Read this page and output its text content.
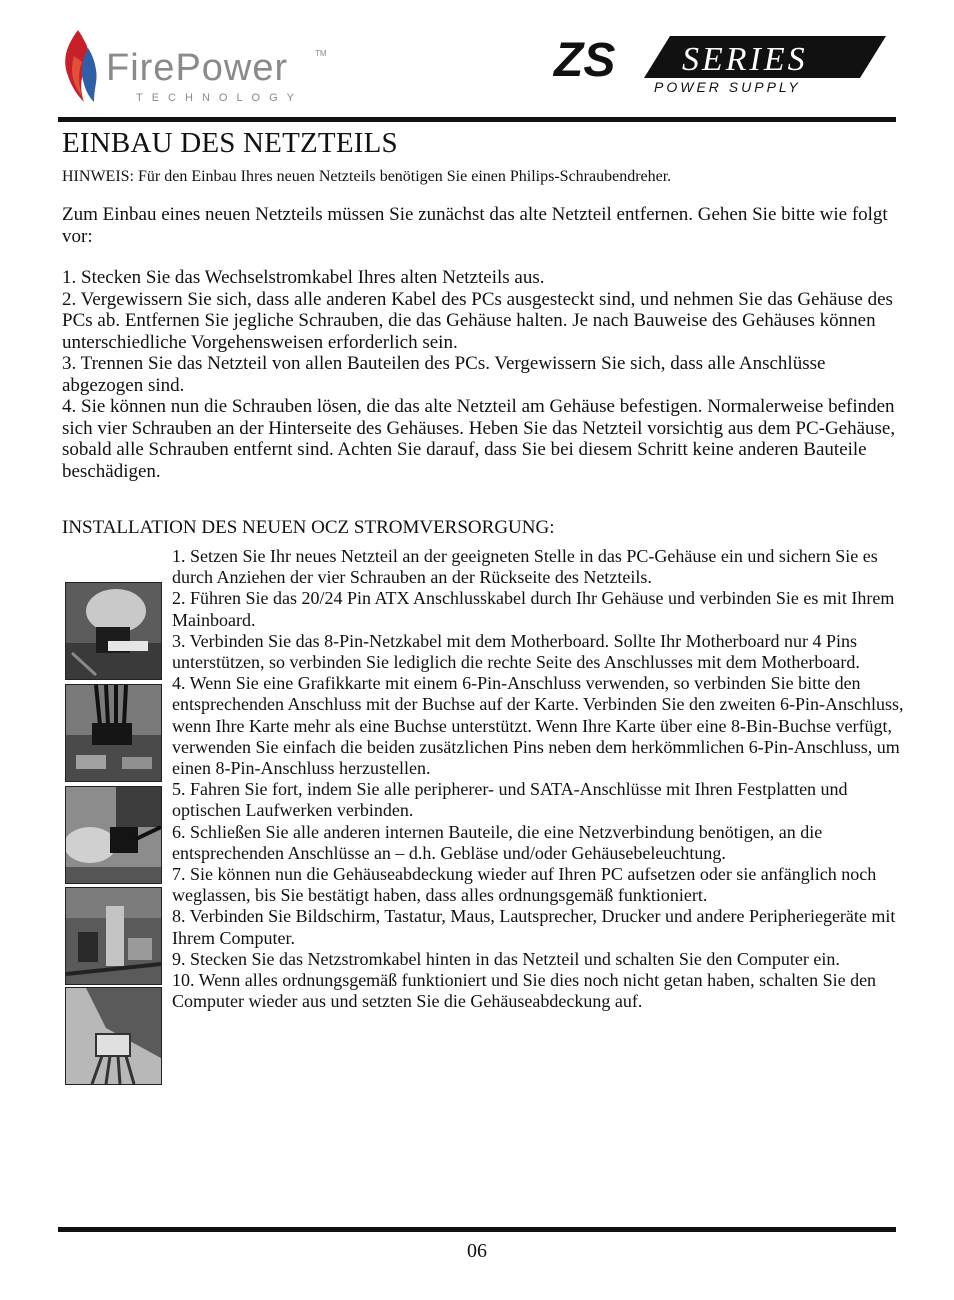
FirePower	TM
TECHNOLOGY
ZS SERIES
POWER SUPPLY
EINBAU DES NETZTEILS
HINWEIS: Für den Einbau Ihres neuen Netzteils benötigen Sie einen Philips-Schraubendreher.

Zum Einbau eines neuen Netzteils müssen Sie zunächst das alte Netzteil entfernen. Gehen Sie bitte wie folgt vor:

1. Stecken Sie das Wechselstromkabel Ihres alten Netzteils aus.
2. Vergewissern Sie sich, dass alle anderen Kabel des PCs ausgesteckt sind, und nehmen Sie das Gehäuse des PCs ab. Entfernen Sie jegliche Schrauben, die das Gehäuse halten. Je nach Bauweise des Gehäuses können unterschiedliche Vorgehensweisen erforderlich sein.
3. Trennen Sie das Netzteil von allen Bauteilen des PCs. Vergewissern Sie sich, dass alle Anschlüsse abgezogen sind.
4. Sie können nun die Schrauben lösen, die das alte Netzteil am Gehäuse befestigen. Normalerweise befinden sich vier Schrauben an der Hinterseite des Gehäuses. Heben Sie das Netzteil vorsichtig aus dem PC-Gehäuse, sobald alle Schrauben entfernt sind. Achten Sie darauf, dass Sie bei diesem Schritt keine anderen Bauteile beschädigen.
INSTALLATION DES NEUEN OCZ STROMVERSORGUNG:
1. Setzen Sie Ihr neues Netzteil an der geeigneten Stelle in das PC-Gehäuse ein und sichern Sie es durch Anziehen der vier Schrauben an der Rückseite des Netzteils.
2. Führen Sie das 20/24 Pin ATX Anschlusskabel durch Ihr Gehäuse und verbinden Sie es mit Ihrem Mainboard.
3. Verbinden Sie das 8-Pin-Netzkabel mit dem Motherboard. Sollte Ihr Motherboard nur 4 Pins unterstützen, so verbinden Sie lediglich die rechte Seite des Anschlusses mit dem Motherboard.
4. Wenn Sie eine Grafikkarte mit einem 6-Pin-Anschluss verwenden, so verbinden Sie bitte den entsprechenden Anschluss mit der Buchse auf der Karte. Verbinden Sie den zweiten 6-Pin-Anschluss, wenn Ihre Karte mehr als eine Buchse unterstützt. Wenn Ihre Karte über eine 8-Bin-Buchse verfügt, verwenden Sie einfach die beiden zusätzlichen Pins neben dem herkömmlichen 6-Pin-Anschluss, um einen 8-Pin-Anschluss herzustellen.
5. Fahren Sie fort, indem Sie alle peripherer- und SATA-Anschlüsse mit Ihren Festplatten und optischen Laufwerken verbinden.
6. Schließen Sie alle anderen internen Bauteile, die eine Netzverbindung benötigen, an die entsprechenden Anschlüsse an – d.h. Gebläse und/oder Gehäusebeleuchtung.
7. Sie können nun die Gehäuseabdeckung wieder auf Ihren PC aufsetzen oder sie anfänglich noch weglassen, bis Sie bestätigt haben, dass alles ordnungsgemäß funktioniert.
8. Verbinden Sie Bildschirm, Tastatur, Maus, Lautsprecher, Drucker und andere Peripheriegeräte mit Ihrem Computer.
9. Stecken Sie das Netzstromkabel hinten in das Netzteil und schalten Sie den Computer ein.
10. Wenn alles ordnungsgemäß funktioniert und Sie dies noch nicht getan haben, schalten Sie den Computer wieder aus und setzten Sie die Gehäuseabdeckung auf.
06
